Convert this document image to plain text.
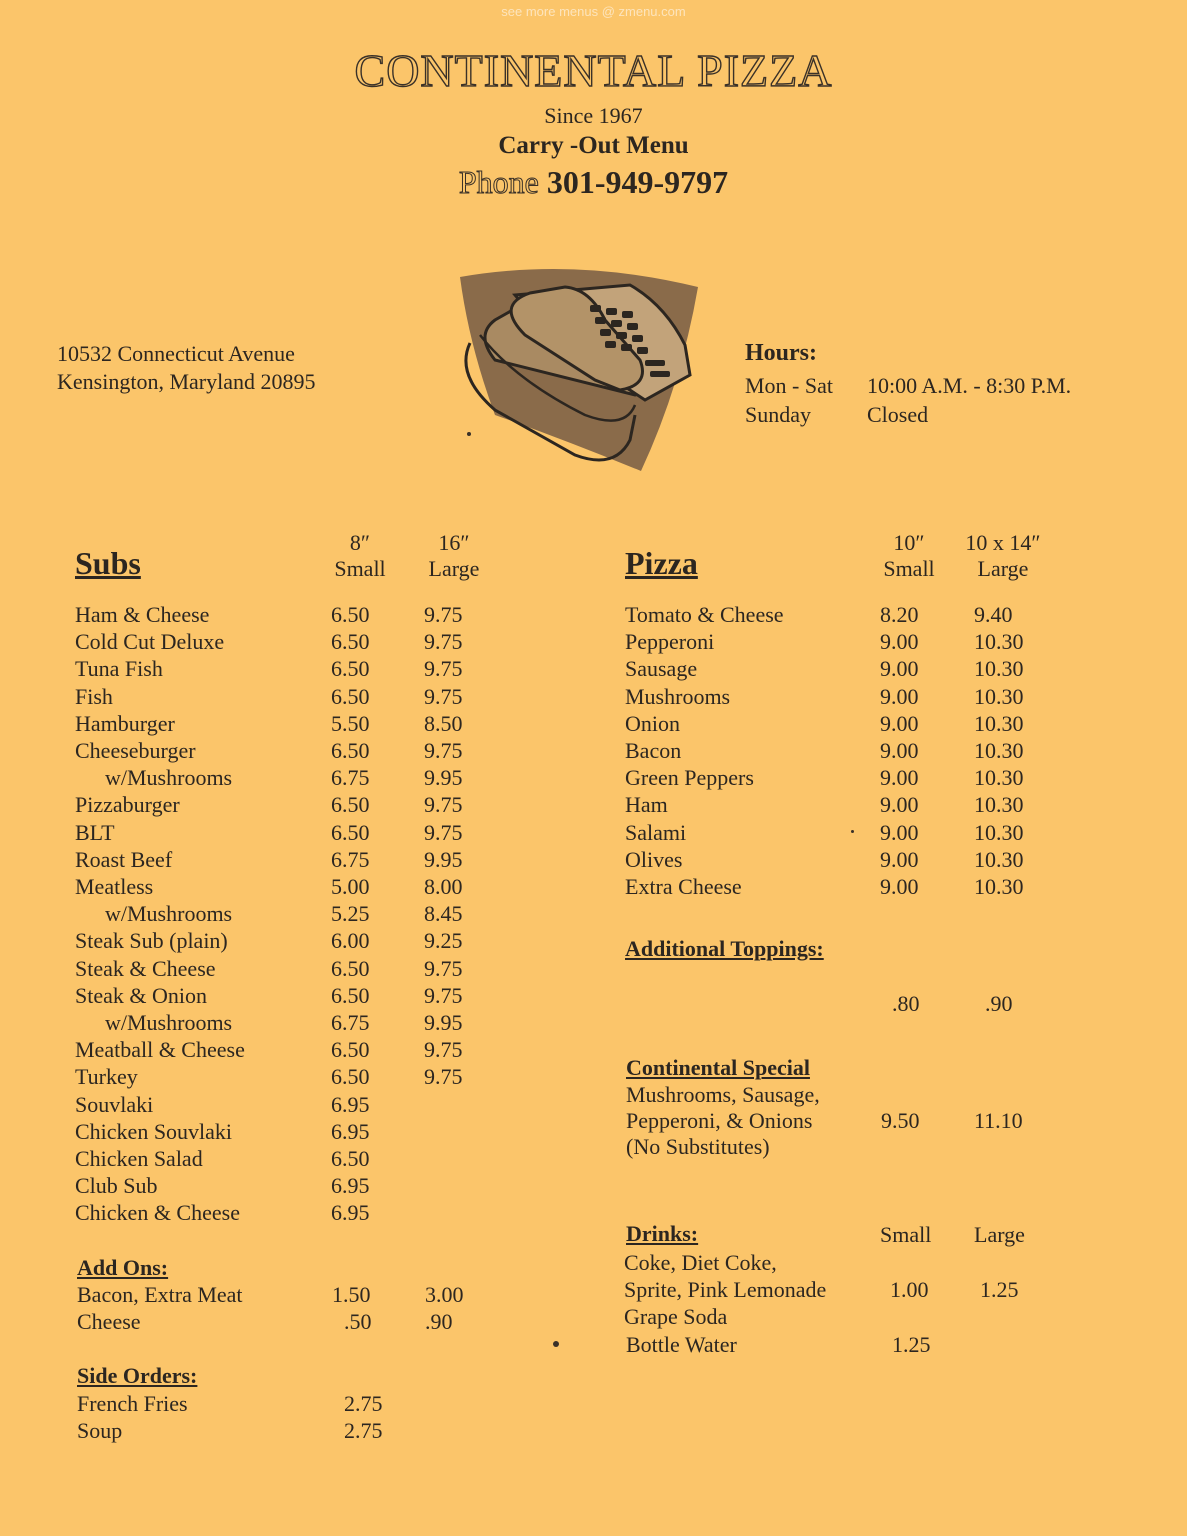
see more menus @ zmenu.com
CONTINENTAL PIZZA
Since 1967
Carry -Out Menu
Phone 301-949-9797
10532 Connecticut Avenue
Kensington, Maryland 20895
Hours:
Mon - Sat 10:00 A.M. - 8:30 P.M.
Sunday	Closed
Subs
8″
Small
16″
Large
Ham & Cheese	6.50 9.75
Cold Cut Deluxe	6.50 9.75
Tuna Fish	6.50 9.75
Fish	6.50 9.75
Hamburger	5.50 8.50
Cheeseburger	6.50 9.75
w/Mushrooms	6.75 9.95
Pizzaburger	6.50 9.75
BLT	6.50 9.75
Roast Beef	6.75 9.95
Meatless	5.00 8.00
w/Mushrooms	5.25 8.45
Steak Sub (plain)	6.00 9.25
Steak & Cheese	6.50 9.75
Steak & Onion	6.50 9.75
w/Mushrooms	6.75 9.95
Meatball & Cheese	6.50 9.75
Turkey	6.50 9.75
Souvlaki	6.95
Chicken Souvlaki	6.95
Chicken Salad	6.50
Club Sub	6.95
Chicken & Cheese	6.95
Add Ons:
Bacon, Extra Meat	1.50 3.00
Cheese	.50 .90
Side Orders:
French Fries	2.75
Soup	2.75
Pizza
10″
Small
10 x 14″
Large
Tomato & Cheese	8.20	9.40
Pepperoni	9.00	10.30
Sausage	9.00	10.30
Mushrooms	9.00	10.30
Onion	9.00	10.30
Bacon	9.00	10.30
Green Peppers	9.00	10.30
Ham	9.00	10.30
Salami	9.00	10.30
Olives	9.00	10.30
Extra Cheese	9.00	10.30
Additional Toppings:
.80	.90
Continental Special
Mushrooms, Sausage,
Pepperoni, & Onions
(No Substitutes)
9.50 11.10
Drinks:	Small Large
Coke, Diet Coke,
Sprite, Pink Lemonade
Grape Soda
1.00 1.25
Bottle Water	1.25
